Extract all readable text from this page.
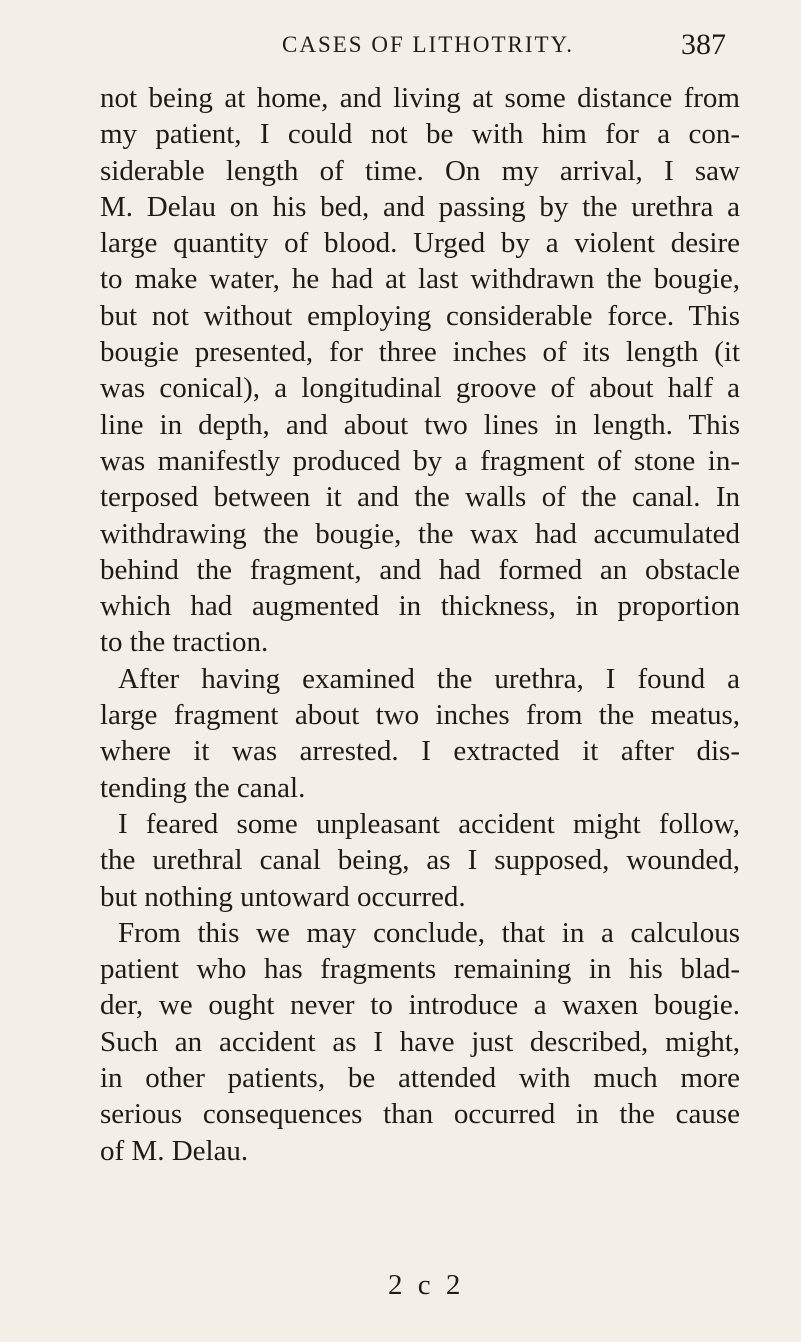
CASES OF LITHOTRITY.	387
not being at home, and living at some distance from
my patient, I could not be with him for a con-
siderable length of time. On my arrival, I saw
M. Delau on his bed, and passing by the urethra a
large quantity of blood. Urged by a violent desire
to make water, he had at last withdrawn the bougie,
but not without employing considerable force. This
bougie presented, for three inches of its length (it
was conical), a longitudinal groove of about half a
line in depth, and about two lines in length. This
was manifestly produced by a fragment of stone in-
terposed between it and the walls of the canal. In
withdrawing the bougie, the wax had accumulated
behind the fragment, and had formed an obstacle
which had augmented in thickness, in proportion
to the traction.
After having examined the urethra, I found a
large fragment about two inches from the meatus,
where it was arrested. I extracted it after dis-
tending the canal.
I feared some unpleasant accident might follow,
the urethral canal being, as I supposed, wounded,
but nothing untoward occurred.
From this we may conclude, that in a calculous
patient who has fragments remaining in his blad-
der, we ought never to introduce a waxen bougie.
Such an accident as I have just described, might,
in other patients, be attended with much more
serious consequences than occurred in the cause
of M. Delau.
2 c 2
